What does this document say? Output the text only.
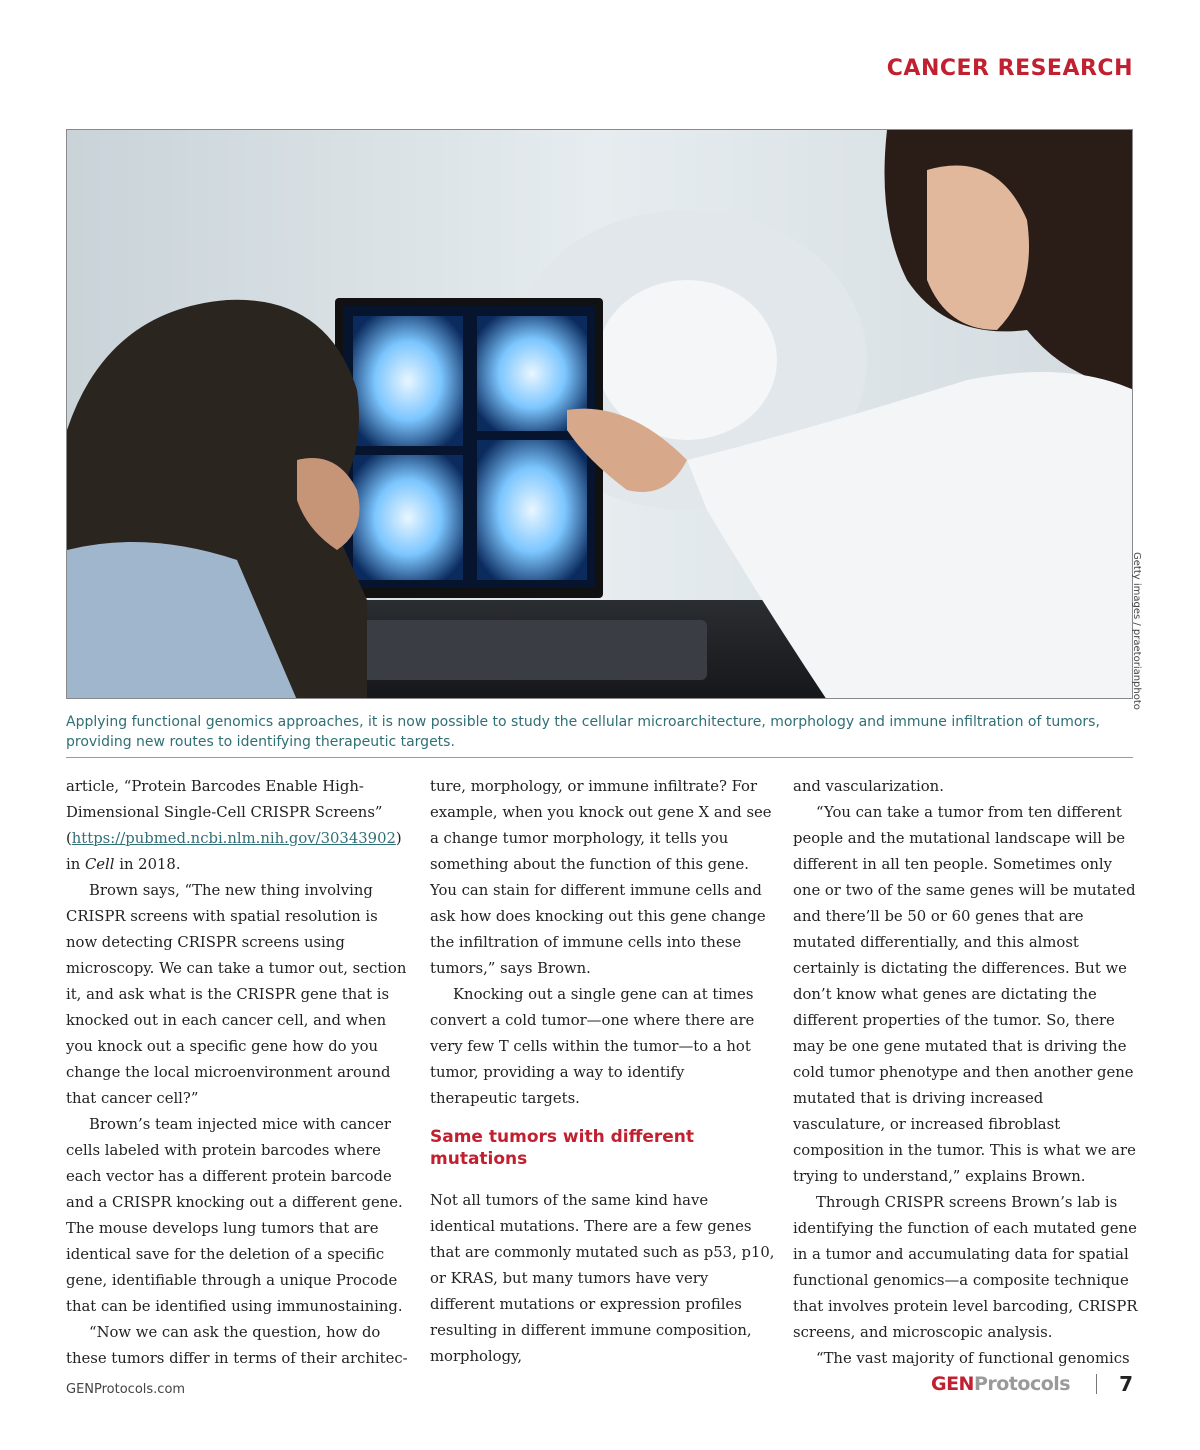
CANCER RESEARCH
Getty images / praetorianphoto
Applying functional genomics approaches, it is now possible to study the cellular microarchitecture, morphology and immune infiltration of tumors, providing new routes to identifying therapeutic targets.

article, “Protein Barcodes Enable High-Dimensional Single-Cell CRISPR Screens” (https://pubmed.ncbi.nlm.nih.gov/30343902) in Cell in 2018.

Brown says, “The new thing involving CRISPR screens with spatial resolution is now detecting CRISPR screens using microscopy. We can take a tumor out, section it, and ask what is the CRISPR gene that is knocked out in each cancer cell, and when you knock out a specific gene how do you change the local microenvironment around that cancer cell?”

Brown’s team injected mice with cancer cells labeled with protein barcodes where each vector has a different protein barcode and a CRISPR knocking out a different gene. The mouse develops lung tumors that are identical save for the deletion of a specific gene, identifiable through a unique Procode that can be identified using immunostaining.

“Now we can ask the question, how do these tumors differ in terms of their architec-

ture, morphology, or immune infiltrate? For example, when you knock out gene X and see a change tumor morphology, it tells you something about the function of this gene. You can stain for different immune cells and ask how does knocking out this gene change the infiltration of immune cells into these tumors,” says Brown.

Knocking out a single gene can at times convert a cold tumor—one where there are very few T cells within the tumor—to a hot tumor, providing a way to identify therapeutic targets.

Same tumors with different mutations

Not all tumors of the same kind have identical mutations. There are a few genes that are commonly mutated such as p53, p10, or KRAS, but many tumors have very different mutations or expression profiles resulting in different immune composition, morphology,

and vascularization.

“You can take a tumor from ten different people and the mutational landscape will be different in all ten people. Sometimes only one or two of the same genes will be mutated and there’ll be 50 or 60 genes that are mutated differentially, and this almost certainly is dictating the differences. But we don’t know what genes are dictating the different properties of the tumor. So, there may be one gene mutated that is driving the cold tumor phenotype and then another gene mutated that is driving increased vasculature, or increased fibroblast composition in the tumor. This is what we are trying to understand,” explains Brown.

Through CRISPR screens Brown’s lab is identifying the function of each mutated gene in a tumor and accumulating data for spatial functional genomics—a composite technique that involves protein level barcoding, CRISPR screens, and microscopic analysis.

“The vast majority of functional genomics

GENProtocols.com	GENProtocols 7
